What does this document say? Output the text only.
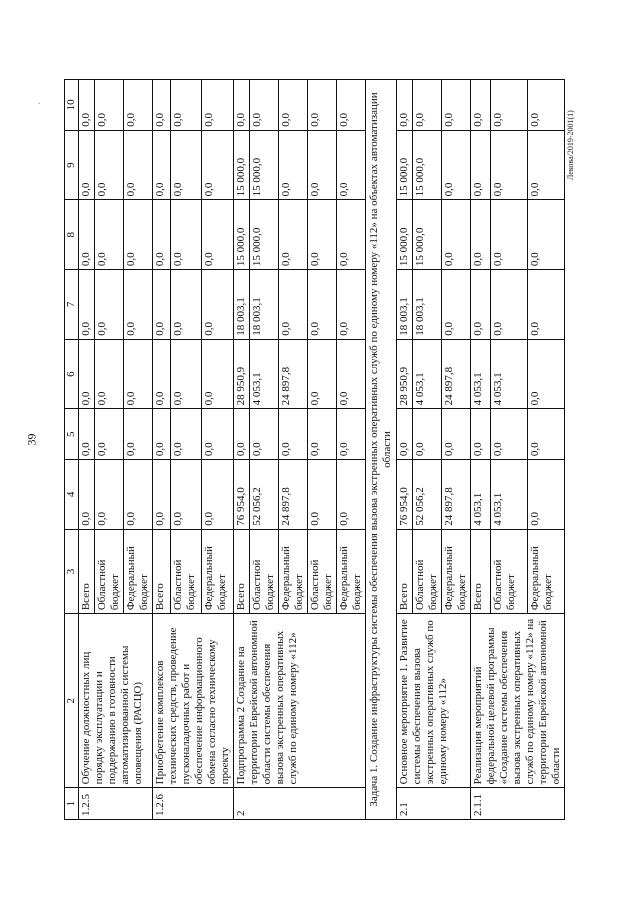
39
.
Лекова/2019-2001(1)
1	2	3	4	5	6	7	8	9	10
1.2.5	Обучение должностных лиц порядку эксплуатации и поддержанию в готовности автоматизированной системы оповещения (РАСЦО)	Всего	0,0	0,0	0,0	0,0	0,0	0,0	0,0
		Областной бюджет	0,0	0,0	0,0	0,0	0,0	0,0	0,0
		Федеральный бюджет	0,0	0,0	0,0	0,0	0,0	0,0	0,0
1.2.6	Приобретение комплексов технических средств, проведение пусконаладочных работ и обеспечение информационного обмена согласно техническому проекту	Всего	0,0	0,0	0,0	0,0	0,0	0,0	0,0
		Областной бюджет	0,0	0,0	0,0	0,0	0,0	0,0	0,0
		Федеральный бюджет	0,0	0,0	0,0	0,0	0,0	0,0	0,0
2	Подпрограмма 2 Создание на территории Еврейской автономной области системы обеспечения вызова экстренных оперативных служб по единому номеру «112»	Всего	76 954,0	0,0	28 950,9	18 003,1	15 000,0	15 000,0	0,0
		Областной бюджет	52 056,2	0,0	4 053,1	18 003,1	15 000,0	15 000,0	0,0
		Федеральный бюджет	24 897,8	0,0	24 897,8	0,0	0,0	0,0	0,0
		Областной бюджет	0,0	0,0	0,0	0,0	0,0	0,0	0,0
		Федеральный бюджет	0,0	0,0	0,0	0,0	0,0	0,0	0,0
Задача 1. Создание инфраструктуры системы обеспечения вызова экстренных оперативных служб по единому номеру «112» на объектах автоматизации области									
2.1	Основное мероприятие 1. Развитие системы обеспечения вызова экстренных оперативных служб по единому номеру «112»	Всего	76 954,0	0,0	28 950,9	18 003,1	15 000,0	15 000,0	0,0
		Областной бюджет	52 056,2	0,0	4 053,1	18 003,1	15 000,0	15 000,0	0,0
		Федеральный бюджет	24 897,8	0,0	24 897,8	0,0	0,0	0,0	0,0
2.1.1	Реализация мероприятий федеральной целевой программы «Создание системы обеспечения вызова экстренных оперативных служб по единому номеру «112» на территории Еврейской автономной области	Всего	4 053,1	0,0	4 053,1	0,0	0,0	0,0	0,0
		Областной бюджет	4 053,1	0,0	4 053,1	0,0	0,0	0,0	0,0
		Федеральный бюджет	0,0	0,0	0,0	0,0	0,0	0,0	0,0
